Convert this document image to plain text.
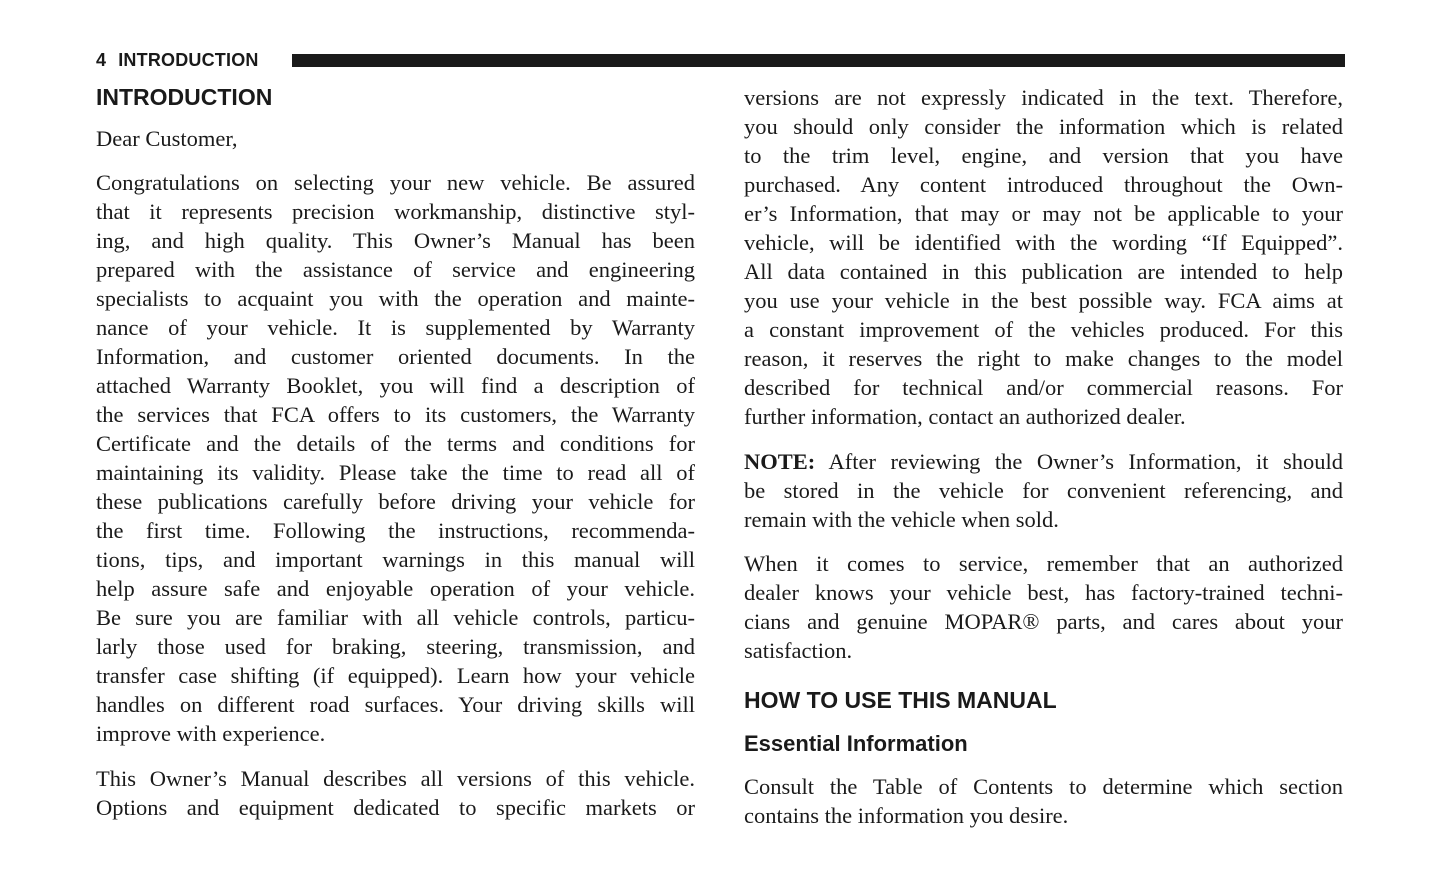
4 INTRODUCTION
INTRODUCTION
Dear Customer,
Congratulations on selecting your new vehicle. Be assured
that it represents precision workmanship, distinctive styl-
ing, and high quality. This Owner’s Manual has been
prepared with the assistance of service and engineering
specialists to acquaint you with the operation and mainte-
nance of your vehicle. It is supplemented by Warranty
Information, and customer oriented documents. In the
attached Warranty Booklet, you will find a description of
the services that FCA offers to its customers, the Warranty
Certificate and the details of the terms and conditions for
maintaining its validity. Please take the time to read all of
these publications carefully before driving your vehicle for
the first time. Following the instructions, recommenda-
tions, tips, and important warnings in this manual will
help assure safe and enjoyable operation of your vehicle.
Be sure you are familiar with all vehicle controls, particu-
larly those used for braking, steering, transmission, and
transfer case shifting (if equipped). Learn how your vehicle
handles on different road surfaces. Your driving skills will
improve with experience.
This Owner’s Manual describes all versions of this vehicle.
Options and equipment dedicated to specific markets or
versions are not expressly indicated in the text. Therefore,
you should only consider the information which is related
to the trim level, engine, and version that you have
purchased. Any content introduced throughout the Own-
er’s Information, that may or may not be applicable to your
vehicle, will be identified with the wording “If Equipped”.
All data contained in this publication are intended to help
you use your vehicle in the best possible way. FCA aims at
a constant improvement of the vehicles produced. For this
reason, it reserves the right to make changes to the model
described for technical and/or commercial reasons. For
further information, contact an authorized dealer.
NOTE: After reviewing the Owner’s Information, it should
be stored in the vehicle for convenient referencing, and
remain with the vehicle when sold.
When it comes to service, remember that an authorized
dealer knows your vehicle best, has factory-trained techni-
cians and genuine MOPAR® parts, and cares about your
satisfaction.
HOW TO USE THIS MANUAL
Essential Information
Consult the Table of Contents to determine which section
contains the information you desire.
